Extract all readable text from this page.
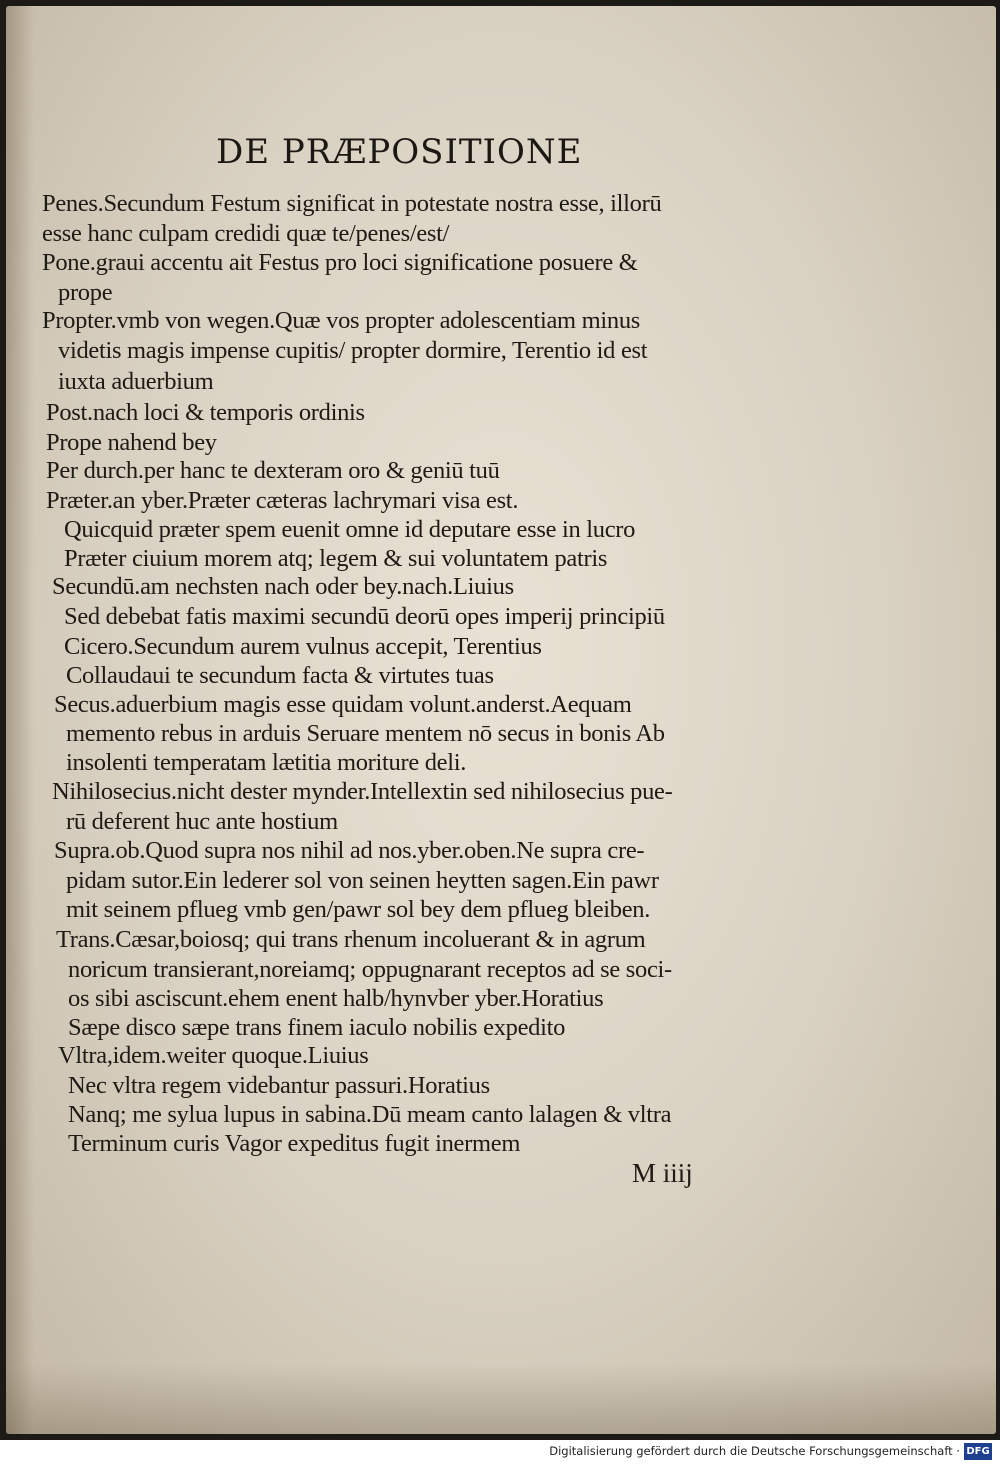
DE PRÆPOSITIONE
Penes.Secundum Festum significat in potestate nostra esse, illorū
esse hanc culpam credidi quæ te/penes/est/
Pone.graui accentu ait Festus pro loci significatione posuere &
prope
Propter.vmb von wegen.Quæ vos propter adolescentiam minus
videtis magis impense cupitis/ propter dormire, Terentio id est
iuxta aduerbium
Post.nach loci & temporis ordinis
Prope nahend bey
Per durch.per hanc te dexteram oro & geniū tuū
Præter.an yber.Præter cæteras lachrymari visa est.
Quicquid præter spem euenit omne id deputare esse in lucro
Præter ciuium morem atq; legem & sui voluntatem patris
Secundū.am nechsten nach oder bey.nach.Liuius
Sed debebat fatis maximi secundū deorū opes imperij principiū
Cicero.Secundum aurem vulnus accepit, Terentius
Collaudaui te secundum facta & virtutes tuas
Secus.aduerbium magis esse quidam volunt.anderst.Aequam
memento rebus in arduis Seruare mentem nō secus in bonis Ab
insolenti temperatam lætitia moriture deli.
Nihilosecius.nicht dester mynder.Intellextin sed nihilosecius pue-
rū deferent huc ante hostium
Supra.ob.Quod supra nos nihil ad nos.yber.oben.Ne supra cre-
pidam sutor.Ein lederer sol von seinen heytten sagen.Ein pawr
mit seinem pflueg vmb gen/pawr sol bey dem pflueg bleiben.
Trans.Cæsar,boiosq; qui trans rhenum incoluerant & in agrum
noricum transierant,noreiamq; oppugnarant receptos ad se soci-
os sibi asciscunt.ehem enent halb/hynvber yber.Horatius
Sæpe disco sæpe trans finem iaculo nobilis expedito
Vltra,idem.weiter quoque.Liuius
Nec vltra regem videbantur passuri.Horatius
Nanq; me sylua lupus in sabina.Dū meam canto lalagen & vltra
Terminum curis Vagor expeditus fugit inermem
M iiij
Digitalisierung gefördert durch die Deutsche Forschungsgemeinschaft · DFG
